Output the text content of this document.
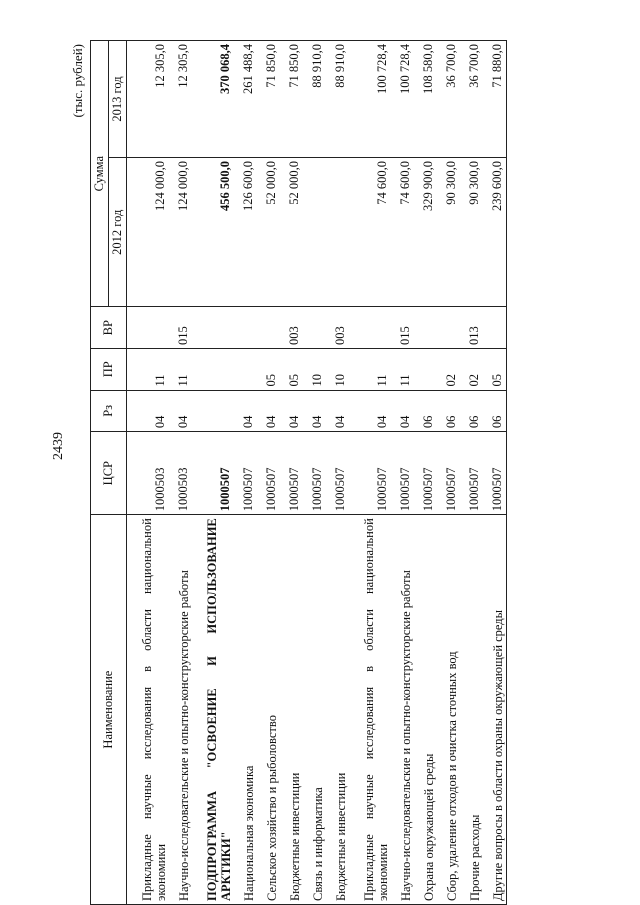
2439
(тыс. рублей)
Наименование	ЦСР	Рз	ПР	ВР	Сумма	
					2012 год	2013 год
Прикладные научные исследования в области национальной экономики	1000503	04	11		124 000,0	12 305,0
Научно-исследовательские и опытно-конструкторские работы	1000503	04	11	015	124 000,0	12 305,0
ПОДПРОГРАММА "ОСВОЕНИЕ И ИСПОЛЬЗОВАНИЕ АРКТИКИ"	1000507				456 500,0	370 068,4
Национальная экономика	1000507	04			126 600,0	261 488,4
Сельское хозяйство и рыболовство	1000507	04	05		52 000,0	71 850,0
Бюджетные инвестиции	1000507	04	05	003	52 000,0	71 850,0
Связь и информатика	1000507	04	10			88 910,0
Бюджетные инвестиции	1000507	04	10	003		88 910,0
Прикладные научные исследования в области национальной экономики	1000507	04	11		74 600,0	100 728,4
Научно-исследовательские и опытно-конструкторские работы	1000507	04	11	015	74 600,0	100 728,4
Охрана окружающей среды	1000507	06			329 900,0	108 580,0
Сбор, удаление отходов и очистка сточных вод	1000507	06	02		90 300,0	36 700,0
Прочие расходы	1000507	06	02	013	90 300,0	36 700,0
Другие вопросы в области охраны окружающей среды	1000507	06	05		239 600,0	71 880,0
